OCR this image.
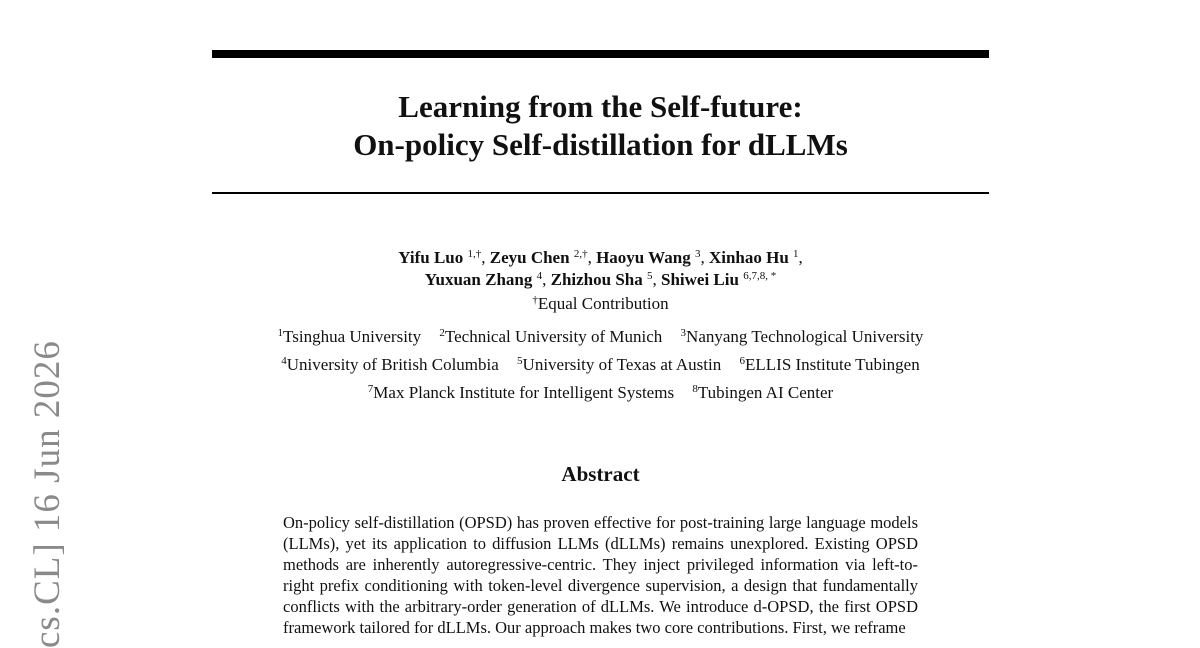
cs.CL] 16 Jun 2026
Learning from the Self-future:
On-policy Self-distillation for dLLMs
Yifu Luo $^{1,\dagger}$, Zeyu Chen $^{2,\dagger}$, Haoyu Wang $^3$, Xinhao Hu $^1$,
Yuxuan Zhang $^4$, Zhizhou Sha $^5$, Shiwei Liu $^{6,7,8, *}$
†Equal Contribution
$^1$Tsinghua University $^2$Technical University of Munich $^3$Nanyang Technological University
$^4$University of British Columbia $^5$University of Texas at Austin $^6$ELLIS Institute Tubingen
$^7$Max Planck Institute for Intelligent Systems $^8$Tubingen AI Center
Abstract
On-policy self-distillation (OPSD) has proven effective for post-training large language models (LLMs), yet its application to diffusion LLMs (dLLMs) remains unexplored. Existing OPSD methods are inherently autoregressive-centric. They inject privileged information via left-to-right prefix conditioning with token-level divergence supervision, a design that fundamentally conflicts with the arbitrary-order generation of dLLMs. We introduce d-OPSD, the first OPSD framework tailored for dLLMs. Our approach makes two core contributions. First, we reframe
